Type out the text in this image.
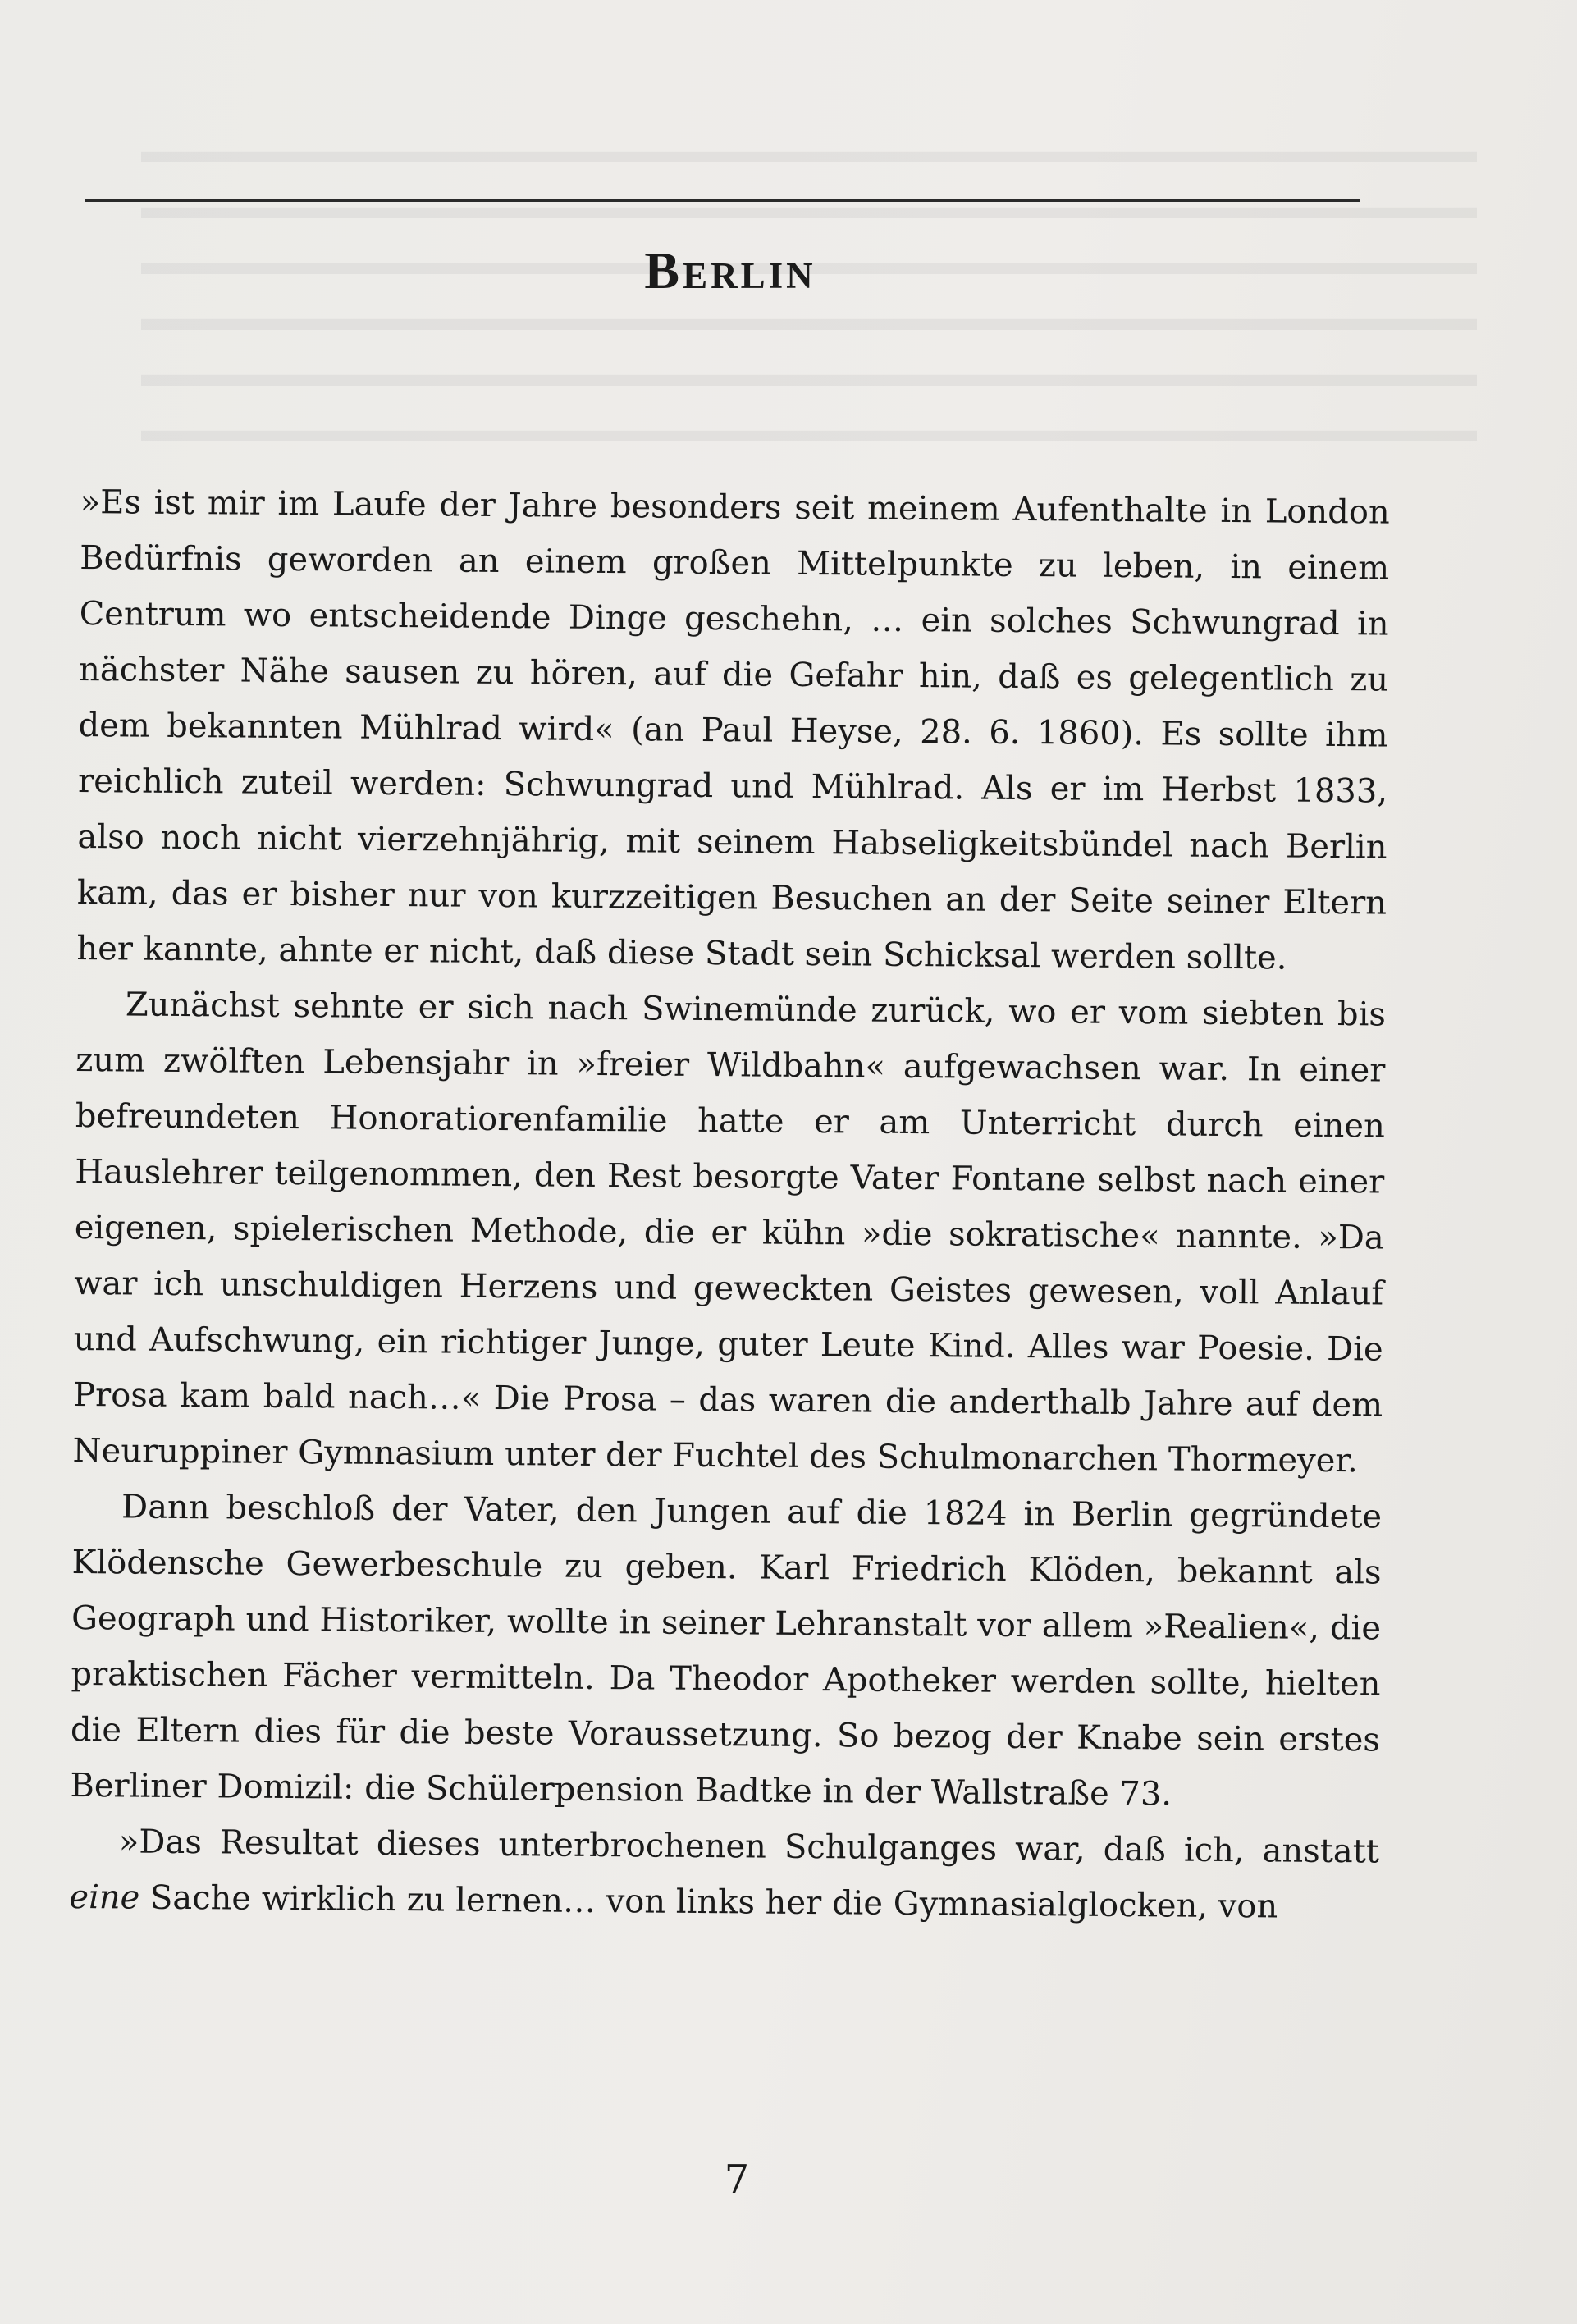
Berlin

»Es ist mir im Laufe der Jahre besonders seit meinem Aufenthalte in London Bedürfnis geworden an einem großen Mittelpunkte zu leben, in einem Centrum wo entscheidende Dinge geschehn, … ein solches Schwungrad in nächster Nähe sausen zu hören, auf die Gefahr hin, daß es gelegentlich zu dem bekannten Mühlrad wird« (an Paul Heyse, 28. 6. 1860). Es sollte ihm reichlich zuteil werden: Schwungrad und Mühlrad. Als er im Herbst 1833, also noch nicht vierzehnjährig, mit seinem Habseligkeitsbündel nach Berlin kam, das er bisher nur von kurzzeitigen Besuchen an der Seite seiner Eltern her kannte, ahnte er nicht, daß diese Stadt sein Schicksal werden sollte.

Zunächst sehnte er sich nach Swinemünde zurück, wo er vom siebten bis zum zwölften Lebensjahr in »freier Wildbahn« aufgewachsen war. In einer befreundeten Honoratiorenfamilie hatte er am Unterricht durch einen Hauslehrer teilgenommen, den Rest besorgte Vater Fontane selbst nach einer eigenen, spielerischen Methode, die er kühn »die sokratische« nannte. »Da war ich unschuldigen Herzens und geweckten Geistes gewesen, voll Anlauf und Aufschwung, ein richtiger Junge, guter Leute Kind. Alles war Poesie. Die Prosa kam bald nach…« Die Prosa – das waren die anderthalb Jahre auf dem Neuruppiner Gymnasium unter der Fuchtel des Schulmonarchen Thormeyer.

Dann beschloß der Vater, den Jungen auf die 1824 in Berlin gegründete Klödensche Gewerbeschule zu geben. Karl Friedrich Klöden, bekannt als Geograph und Historiker, wollte in seiner Lehranstalt vor allem »Realien«, die praktischen Fächer vermitteln. Da Theodor Apotheker werden sollte, hielten die Eltern dies für die beste Voraussetzung. So bezog der Knabe sein erstes Berliner Domizil: die Schülerpension Badtke in der Wallstraße 73.

»Das Resultat dieses unterbrochenen Schulganges war, daß ich, anstatt eine Sache wirklich zu lernen… von links her die Gymnasialglocken, von

7
